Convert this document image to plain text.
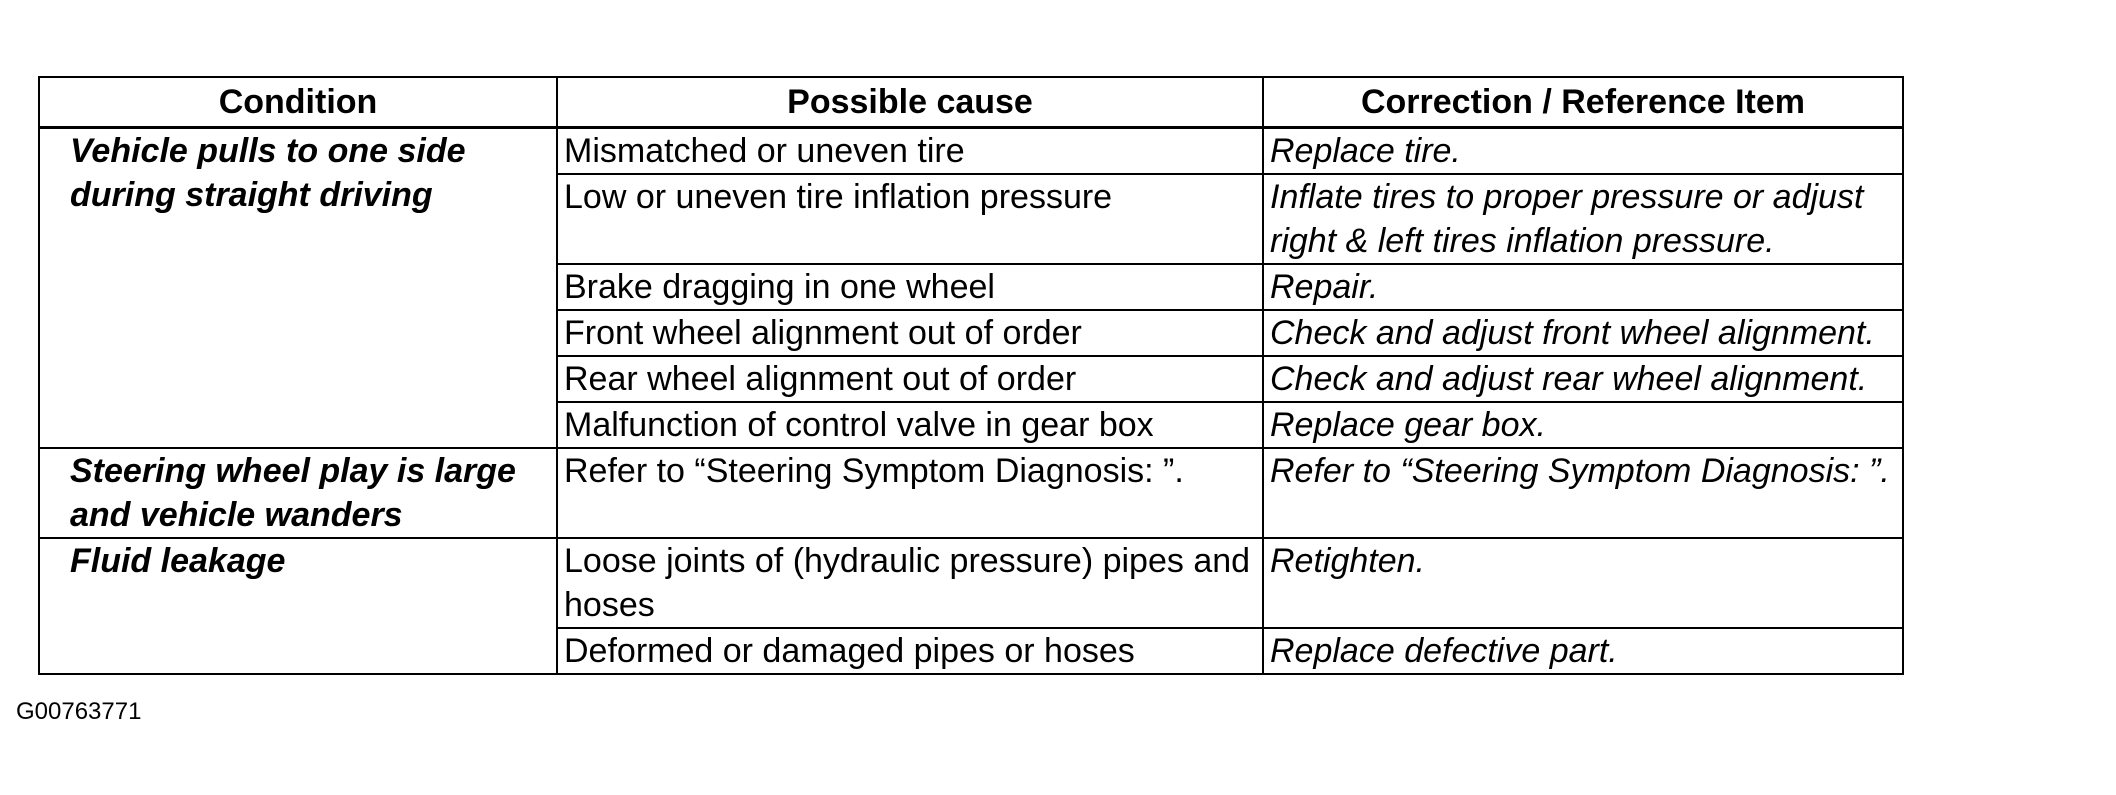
Condition	Possible cause	Correction / Reference Item
Vehicle pulls to one side during straight driving	Mismatched or uneven tire	Replace tire.
	Low or uneven tire inflation pressure	Inflate tires to proper pressure or adjust right & left tires inflation pressure.
	Brake dragging in one wheel	Repair.
	Front wheel alignment out of order	Check and adjust front wheel alignment.
	Rear wheel alignment out of order	Check and adjust rear wheel alignment.
	Malfunction of control valve in gear box	Replace gear box.
Steering wheel play is large and vehicle wanders	Refer to “Steering Symptom Diagnosis: ”.	Refer to “Steering Symptom Diagnosis: ”.
Fluid leakage	Loose joints of (hydraulic pressure) pipes and hoses	Retighten.
	Deformed or damaged pipes or hoses	Replace defective part.
G00763771
